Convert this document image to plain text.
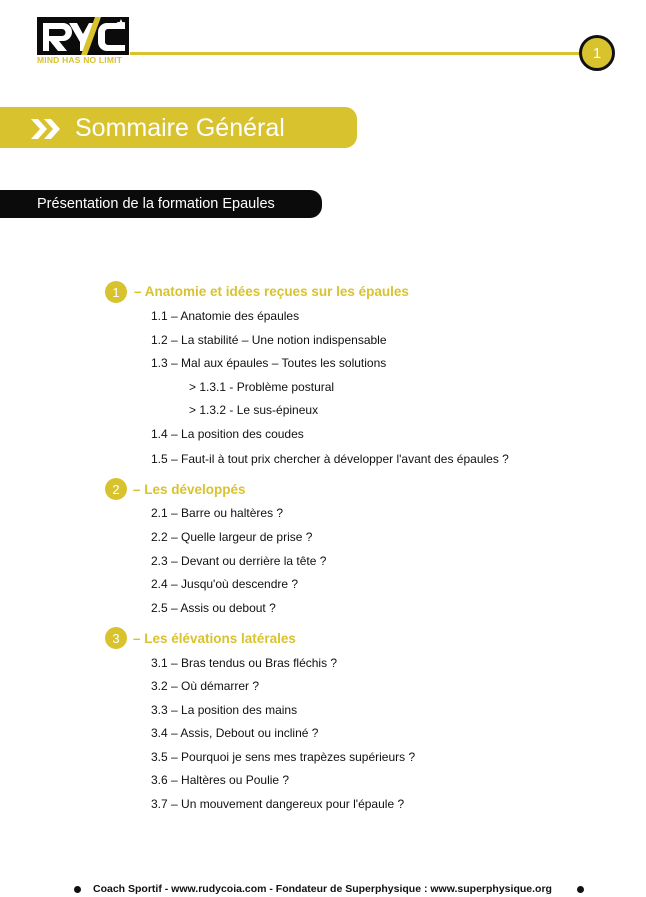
MIND HAS NO LIMIT	1
Sommaire Général
Présentation de la formation Epaules
1	– Anatomie et idées reçues sur les épaules
1.1 – Anatomie des épaules
1.2 – La stabilité – Une notion indispensable
1.3 – Mal aux épaules – Toutes les solutions
> 1.3.1 - Problème postural
> 1.3.2 - Le sus-épineux
1.4 – La position des coudes
1.5 – Faut-il à tout prix chercher à développer l'avant des épaules ?
2 – Les développés
2.1 – Barre ou haltères ?
2.2 – Quelle largeur de prise ?
2.3 – Devant ou derrière la tête ?
2.4 – Jusqu'où descendre ?
2.5 – Assis ou debout ?
3 – Les élévations latérales
3.1 – Bras tendus ou Bras fléchis ?
3.2 – Où démarrer ?
3.3 – La position des mains
3.4 – Assis, Debout ou incliné ?
3.5 – Pourquoi je sens mes trapèzes supérieurs ?
3.6 – Haltères ou Poulie ?
3.7 – Un mouvement dangereux pour l'épaule ?
Coach Sportif - www.rudycoia.com - Fondateur de Superphysique : www.superphysique.org
